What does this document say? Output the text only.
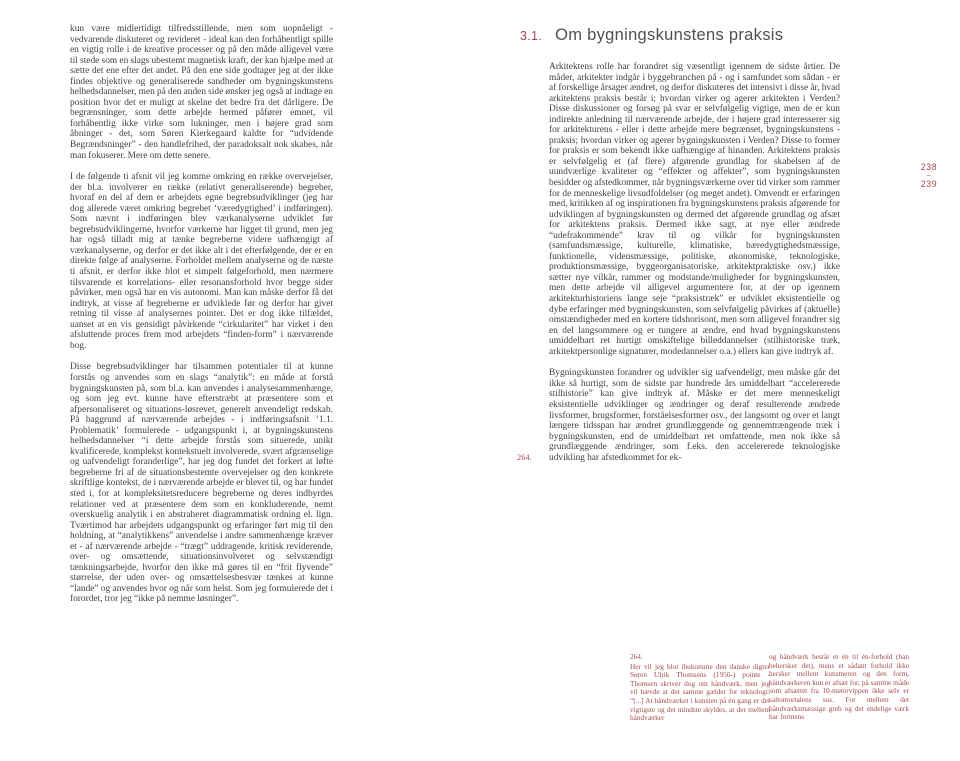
kun være midlertidigt tilfredsstillende, men som uopnåeligt - vedvarende diskuteret og revideret - ideal kan den forhåbentligt spille en vigtig rolle i de kreative processer og på den måde alligevel være til stede som en slags ubestemt magnetisk kraft, der kan hjælpe med at sætte det ene efter det andet. På den ene side godtager jeg at der ikke findes objektive og generaliserede sandheder om bygningskunstens helhedsdannelser, men på den anden side ønsker jeg også at indtage en position hvor det er muligt at skelne det bedre fra det dårligere. De begrænsninger, som dette arbejde hermed påfører emnet, vil forhåbentlig ikke virke som lukninger, men i højere grad som åbninger - det, som Søren Kierkegaard kaldte for “udvidende Begrændsninger” - den handlefrihed, der paradoksalt nok skabes, når man fokuserer. Mere om dette senere.

I de følgende ti afsnit vil jeg komme omkring en række overvejelser, der bl.a. involverer en række (relativt generaliserende) begreber, hvoraf en del af dem er arbejdets egne begrebsudviklinger (jeg har dog allerede været omkring begrebet ‘væredygtighed’ i indføringen). Som nævnt i indføringen blev værkanalyserne udviklet før begrebsudviklingerne, hvorfor værkerne har ligget til grund, men jeg har også tilladt mig at tænke begreberne videre uafhængigt af værkanalyserne, og derfor er det ikke alt i det efterfølgende, der er en direkte følge af analyserne. Forholdet mellem analyserne og de næste ti afsnit, er derfor ikke blot et simpelt følgeforhold, men nærmere tilsvarende et korrelations- eller resonansforhold hvor begge sider påvirker, men også har en vis autonomi. Man kan måske derfor få det indtryk, at visse af begreberne er udviklede før og derfor har givet retning til visse af analysernes pointer. Det er dog ikke tilfældet, uanset at en vis gensidigt påvirkende “cirkularitet” har virket i den afsluttende proces frem mod arbejdets “finden-form” i nærværende bog.

Disse begrebsudviklinger har tilsammen potentialer til at kunne forstås og anvendes som en slags “analytik”: en måde at forstå bygningskunsten på, som bl.a. kan anvendes i analysesammenhænge, og som jeg evt. kunne have efterstræbt at præsentere som et afpersonaliseret og situations-løsrevet, generelt anvendeligt redskab. På baggrund af nærværende arbejdes - i indføringsafsnit ‘1.1. Problematik’ formulerede - udgangspunkt i, at bygningskunstens helhedsdannelser “i dette arbejde forstås som situerede, unikt kvalificerede, komplekst kontekstuelt involverede, svært afgrænselige og uafvendeligt foranderlige”, har jeg dog fundet det forkert at løfte begreberne fri af de situationsbestemte overvejelser og den konkrete skriftlige kontekst, de i nærværende arbejde er blevet til, og har fundet sted i, for at kompleksitetsreducere begreberne og deres indbyrdes relationer ved at præsentere dem som en konkluderende, nemt overskuelig analytik i en abstraheret diagrammatisk ordning el. lign. Tværtimod har arbejdets udgangspunkt og erfaringer ført mig til den holdning, at “analytikkens” anvendelse i andre sammenhænge kræver et - af nærværende arbejde - “trægt” uddragende, kritisk reviderende, over- og omsættende, situationsinvolveret og selvstændigt tænkningsarbejde, hvorfor den ikke må gøres til en “frit flyvende” størrelse, der uden over- og omsættelsesbesvær tænkes at kunne “lande” og anvendes hvor og når som helst. Som jeg formulerede det i forordet, tror jeg “ikke på nemme løsninger”.

3.1. Om bygningskunstens praksis

Arkitektens rolle har forandret sig væsentligt igennem de sidste årtier. De måder, arkitekter indgår i byggebranchen på - og i samfundet som sådan - er af forskellige årsager ændret, og derfor diskuteres det intensivt i disse år, hvad arkitektens praksis består i; hvordan virker og agerer arkitekten i Verden? Disse diskussioner og forsøg på svar er selvfølgelig vigtige, men de er kun indirekte anledning til nærværende arbejde, der i højere grad interesserer sig for arkitekturens - eller i dette arbejde mere begrænset, bygningskunstens - praksis; hvordan virker og agerer bygningskunsten i Verden? Disse to former for praksis er som bekendt ikke uafhængige af hinanden. Arkitektens praksis er selvfølgelig et (af flere) afgørende grundlag for skabelsen af de uundværlige kvaliteter og “effekter og affekter”, som bygningskunsten besidder og afstedkommer, når bygningsværkerne over tid virker som rammer for de menneskelige livsudfoldelser (og meget andet). Omvendt er erfaringen med, kritikken af og inspirationen fra bygningskunstens praksis afgørende for udviklingen af bygningskunsten og dermed det afgørende grundlag og afsæt for arkitektens praksis. Dermed ikke sagt, at nye eller ændrede “udefrakommende” krav til og vilkår for bygningskunsten (samfundsmæssige, kulturelle, klimatiske, bæredygtighedsmæssige, funktionelle, vidensmæssige, politiske, økonomiske, teknologiske, produktionsmæssige, byggeorganisatoriske, arkitektpraktiske osv.) ikke sætter nye vilkår, rammer og modstande/muligheder for bygningskunsten, men dette arbejde vil alligevel argumentere for, at der op igennem arkitekturhistoriens lange seje “praksistræk” er udviklet eksistentielle og dybe erfaringer med bygningskunsten, som selvfølgelig påvirkes af (aktuelle) omstændigheder med en kortere tidshorisont, men som alligevel forandrer sig en del langsommere og er tungere at ændre, end hvad bygningskunstens umiddelbart ret hurtigt omskiftelige billeddannelser (stilhistoriske træk, arkitektpersonlige signaturer, modedannelser o.a.) ellers kan give indtryk af.

Bygningskunsten forandrer og udvikler sig uafvendeligt, men måske går det ikke så hurtigt, som de sidste par hundrede års umiddelbart “accelererede stilhistorie” kan give indtryk af. Måske er det mere menneskeligt eksistentielle udviklinger og ændringer og deraf resulterende ændrede livsformer, brugsformer, forståelsesformer osv., der langsomt og over et langt længere tidsspan har ændret grundlæggende og gennemtrængende træk i bygningskunsten, end de umiddelbart ret omfattende, men nok ikke så grundlæggende ændringer, som f.eks. den accelererede teknologiske udvikling har afstedkommet for ek-

264.
264.
Her vil jeg blot ihukomme den danske digter Søren Ulrik Thomsens (1956-) pointe - Thomsen skriver dog om håndværk, men jeg vil hævde at det samme gælder for teknologi: “[...] At håndværket i kunsten på én gang er det vigtigste og det mindste skyldes, at der mellem håndværker
og håndværk består et én til én-forhold (han behersker det), mens et sådant forhold ikke hersker mellem kunstneren og den form, håndværkeren kun er afsæt for, på samme måde som afsættet fra 10-metervippen ikke selv er saltomortalens sus. For mellem det håndværksmæssige greb og det endelige værk har formens
238
–
239
